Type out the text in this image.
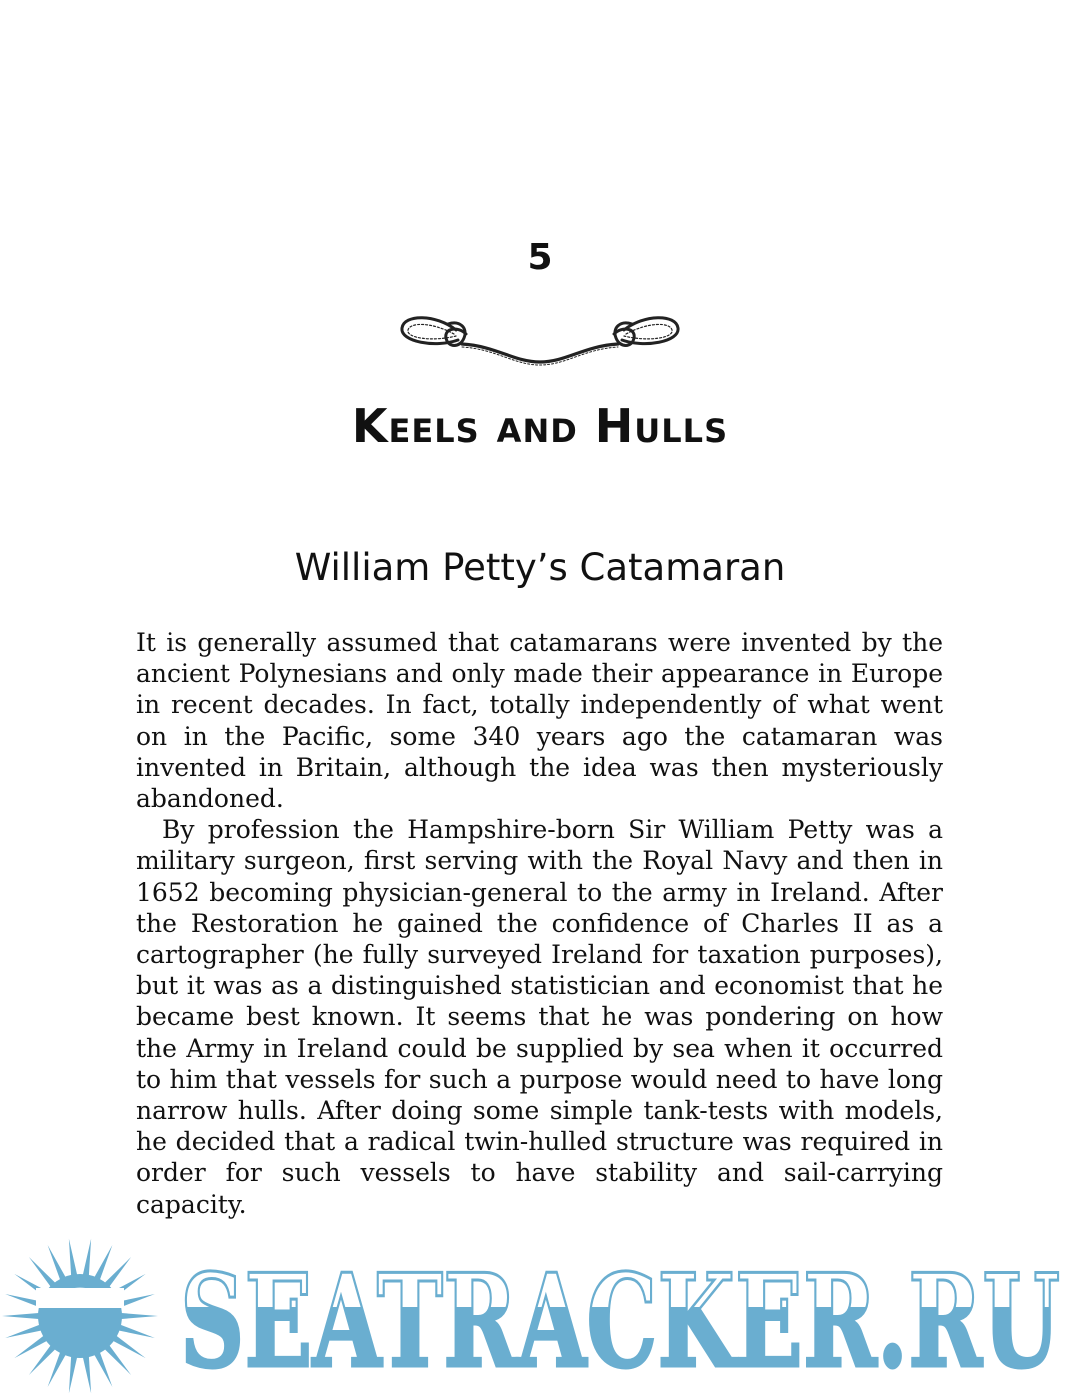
5
Keels and Hulls
William Petty’s Catamaran

It is generally assumed that catamarans were invented by the ancient Polynesians and only made their appearance in Europe in recent decades. In fact, totally independently of what went on in the Pacific, some 340 years ago the catamaran was invented in Britain, although the idea was then mysteriously abandoned.

By profession the Hampshire-born Sir William Petty was a military surgeon, first serving with the Royal Navy and then in 1652 becoming physician-general to the army in Ireland. After the Restoration he gained the confidence of Charles II as a cartographer (he fully surveyed Ireland for taxation purposes), but it was as a distinguished statistician and economist that he became best known. It seems that he was pondering on how the Army in Ireland could be supplied by sea when it occurred to him that vessels for such a purpose would need to have long narrow hulls. After doing some simple tank-tests with models, he decided that a radical twin-hulled structure was required in order for such vessels to have stability and sail-carrying capacity.

SEATRACKER.RU
